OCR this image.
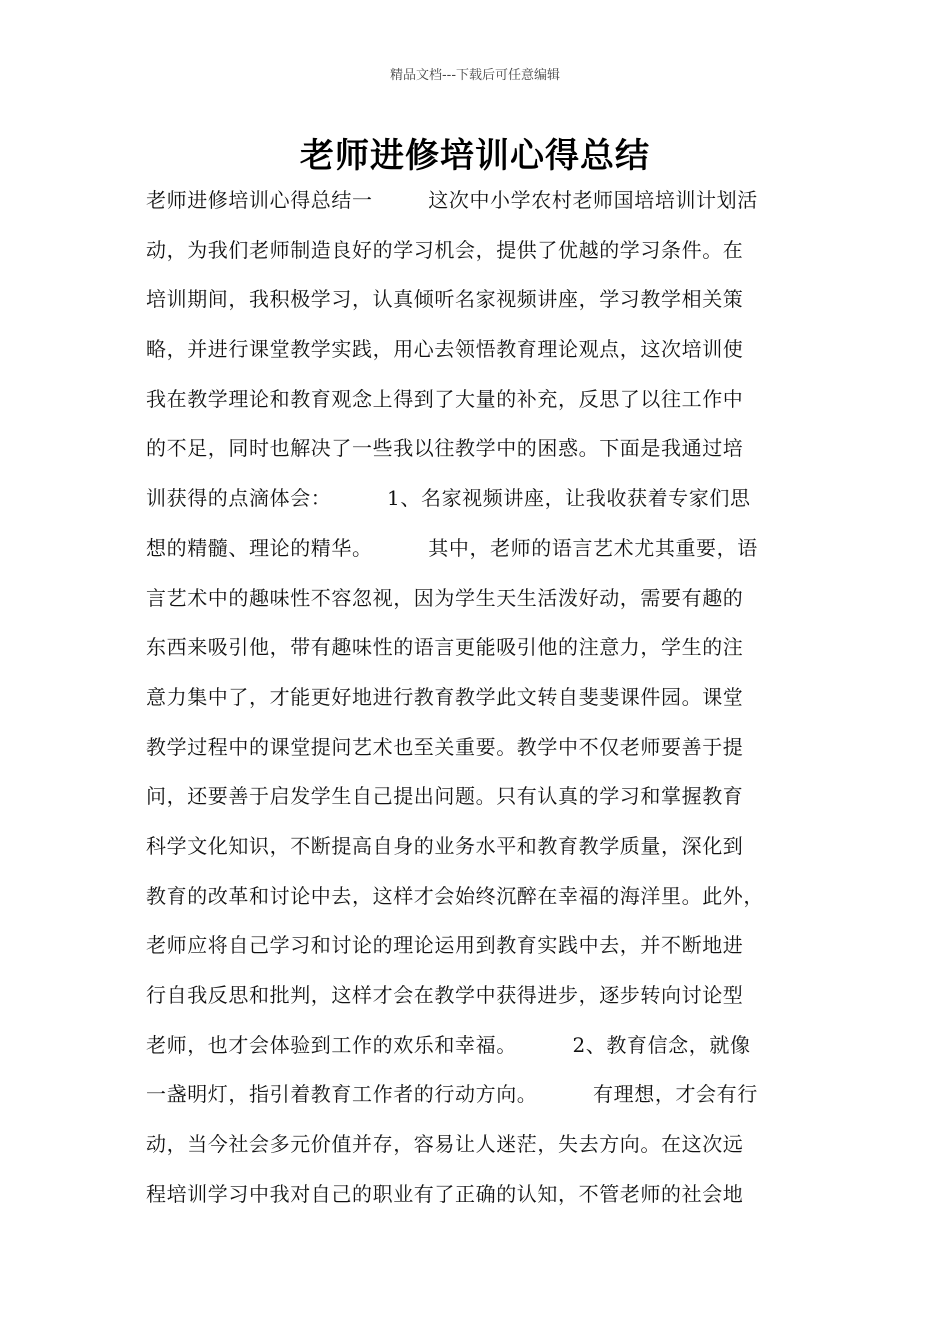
精品文档---下载后可任意编辑
老师进修培训心得总结
老师进修培训心得总结一        这次中小学农村老师国培培训计划活
动，为我们老师制造良好的学习机会，提供了优越的学习条件。在
培训期间，我积极学习，认真倾听名家视频讲座，学习教学相关策
略，并进行课堂教学实践，用心去领悟教育理论观点，这次培训使
我在教学理论和教育观念上得到了大量的补充，反思了以往工作中
的不足，同时也解决了一些我以往教学中的困惑。下面是我通过培
训获得的点滴体会：        1、名家视频讲座，让我收获着专家们思
想的精髓、理论的精华。        其中，老师的语言艺术尤其重要，语
言艺术中的趣味性不容忽视，因为学生天生活泼好动，需要有趣的
东西来吸引他，带有趣味性的语言更能吸引他的注意力，学生的注
意力集中了，才能更好地进行教育教学此文转自斐斐课件园。课堂
教学过程中的课堂提问艺术也至关重要。教学中不仅老师要善于提
问，还要善于启发学生自己提出问题。只有认真的学习和掌握教育
科学文化知识，不断提高自身的业务水平和教育教学质量，深化到
教育的改革和讨论中去，这样才会始终沉醉在幸福的海洋里。此外，
老师应将自己学习和讨论的理论运用到教育实践中去，并不断地进
行自我反思和批判，这样才会在教学中获得进步，逐步转向讨论型
老师，也才会体验到工作的欢乐和幸福。        2、教育信念，就像
一盏明灯，指引着教育工作者的行动方向。        有理想，才会有行
动，当今社会多元价值并存，容易让人迷茫，失去方向。在这次远
程培训学习中我对自己的职业有了正确的认知，不管老师的社会地
